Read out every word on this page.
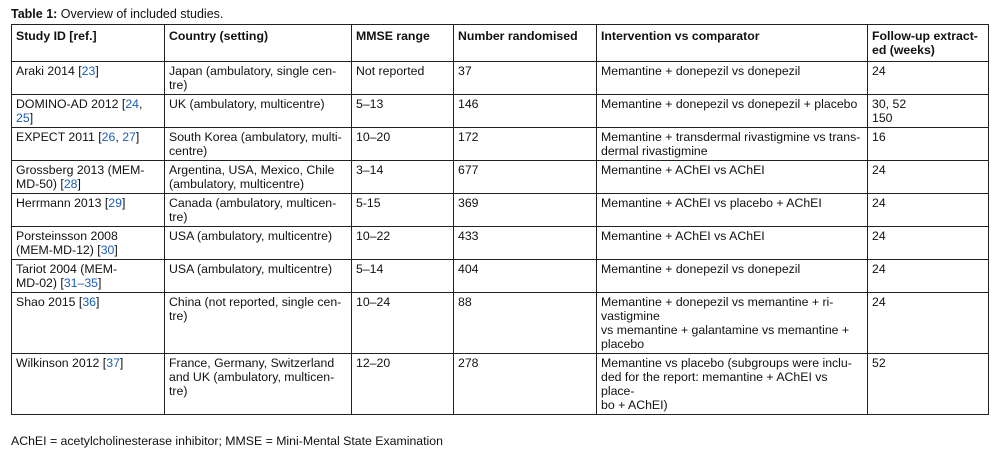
Table 1: Overview of included studies.
Study ID [ref.]	Country (setting)	MMSE range	Number randomised	Intervention vs comparator	Follow-up extract-
ed (weeks)
Araki 2014 [23]	Japan (ambulatory, single cen-
tre)	Not reported	37	Memantine + donepezil vs donepezil	24
DOMINO-AD 2012 [24,
25]	UK (ambulatory, multicentre)	5–13	146	Memantine + donepezil vs donepezil + placebo	30, 52
150
EXPECT 2011 [26, 27]	South Korea (ambulatory, multi-
centre)	10–20	172	Memantine + transdermal rivastigmine vs trans-
dermal rivastigmine	16
Grossberg 2013 (MEM-
MD-50) [28]	Argentina, USA, Mexico, Chile
(ambulatory, multicentre)	3–14	677	Memantine + AChEI vs AChEI	24
Herrmann 2013 [29]	Canada (ambulatory, multicen-
tre)	5-15	369	Memantine + AChEI vs placebo + AChEI	24
Porsteinsson 2008
(MEM-MD-12) [30]	USA (ambulatory, multicentre)	10–22	433	Memantine + AChEI vs AChEI	24
Tariot 2004 (MEM-
MD-02) [31–35]	USA (ambulatory, multicentre)	5–14	404	Memantine + donepezil vs donepezil	24
Shao 2015 [36]	China (not reported, single cen-
tre)	10–24	88	Memantine + donepezil vs memantine + ri-
vastigmine
vs memantine + galantamine vs memantine +
placebo	24
Wilkinson 2012 [37]	France, Germany, Switzerland
and UK (ambulatory, multicen-
tre)	12–20	278	Memantine vs placebo (subgroups were inclu-
ded for the report: memantine + AChEI vs place-
bo + AChEI)	52
AChEI = acetylcholinesterase inhibitor; MMSE = Mini-Mental State Examination
